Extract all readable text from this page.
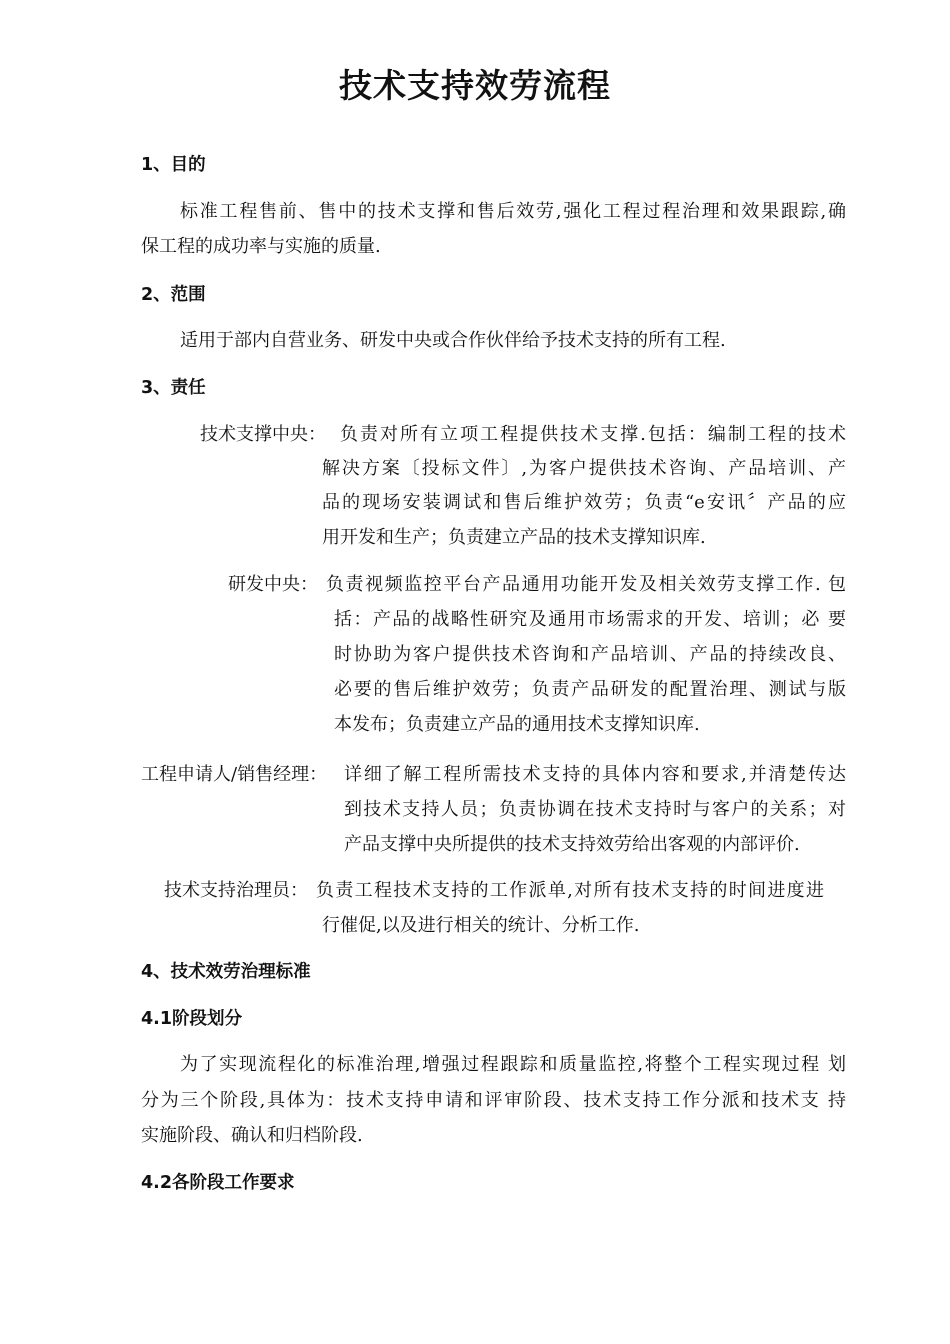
技术支持效劳流程
1、目的
标准工程售前、售中的技术支撑和售后效劳,强化工程过程治理和效果跟踪,确
保工程的成功率与实施的质量.
2、范围
适用于部内自营业务、研发中央或合作伙伴给予技术支持的所有工程.
3、责任
技术支撑中央： 负责对所有立项工程提供技术支撑.包括：编制工程的技术
解决方案〔投标文件〕,为客户提供技术咨询、产品培训、产
品的现场安装调试和售后维护效劳；负责“e安讯〞产品的应
用开发和生产；负责建立产品的技术支撑知识库.
研发中央： 负责视频监控平台产品通用功能开发及相关效劳支撑工作. 包
括：产品的战略性研究及通用市场需求的开发、培训；必 要
时协助为客户提供技术咨询和产品培训、产品的持续改良、
必要的售后维护效劳；负责产品研发的配置治理、测试与版
本发布；负责建立产品的通用技术支撑知识库.
工程申请人/销售经理： 详细了解工程所需技术支持的具体内容和要求,并清楚传达
到技术支持人员；负责协调在技术支持时与客户的关系；对
产品支撑中央所提供的技术支持效劳给出客观的内部评价.
技术支持治理员： 负责工程技术支持的工作派单,对所有技术支持的时间进度进
行催促,以及进行相关的统计、分析工作.
4、技术效劳治理标准
4.1阶段划分
为了实现流程化的标准治理,增强过程跟踪和质量监控,将整个工程实现过程 划
分为三个阶段,具体为：技术支持申请和评审阶段、技术支持工作分派和技术支 持
实施阶段、确认和归档阶段.
4.2各阶段工作要求
